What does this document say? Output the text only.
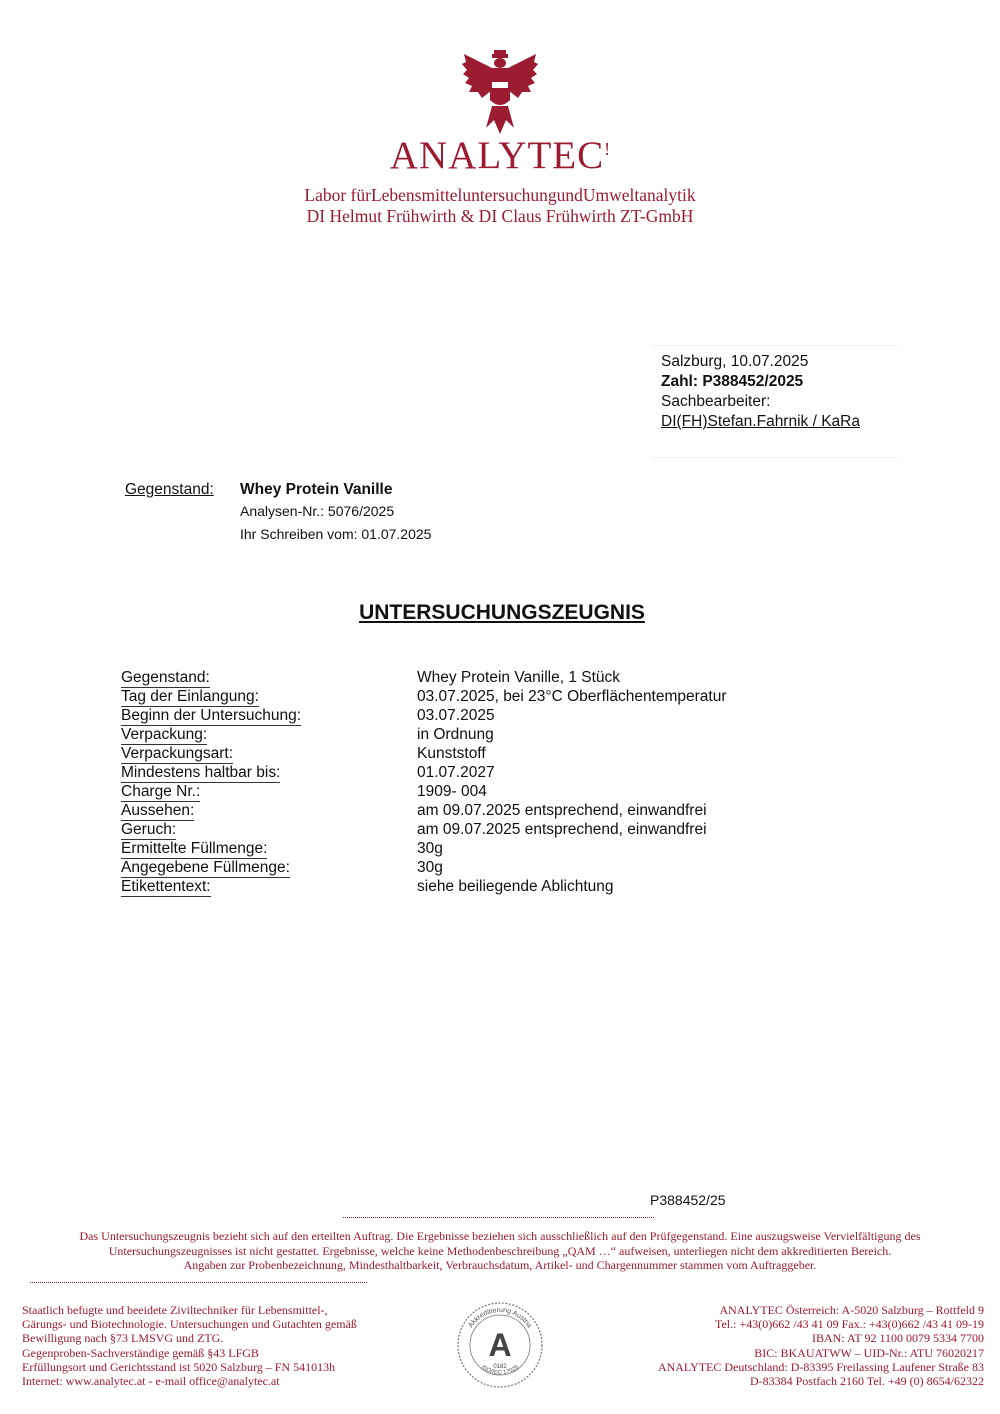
ANALYTEC!
Labor fürLebensmitteluntersuchungundUmweltanalytik
DI Helmut Frühwirth & DI Claus Frühwirth ZT-GmbH
Salzburg, 10.07.2025
Zahl: P388452/2025
Sachbearbeiter:
DI(FH)Stefan.Fahrnik / KaRa
Gegenstand: Whey Protein Vanille
Analysen-Nr.: 5076/2025
Ihr Schreiben vom: 01.07.2025
UNTERSUCHUNGSZEUGNIS
Gegenstand:	Whey Protein Vanille, 1 Stück
Tag der Einlangung:	03.07.2025, bei 23°C Oberflächentemperatur
Beginn der Untersuchung:	03.07.2025
Verpackung:	in Ordnung
Verpackungsart:	Kunststoff
Mindestens haltbar bis:	01.07.2027
Charge Nr.:	1909- 004
Aussehen:	am 09.07.2025 entsprechend, einwandfrei
Geruch:	am 09.07.2025 entsprechend, einwandfrei
Ermittelte Füllmenge:	30g
Angegebene Füllmenge:	30g
Etikettentext:	siehe beiliegende Ablichtung
P388452/25
Das Untersuchungszeugnis bezieht sich auf den erteilten Auftrag. Die Ergebnisse beziehen sich ausschließlich auf den Prüfgegenstand. Eine auszugsweise Vervielfältigung des
Untersuchungszeugnisses ist nicht gestattet. Ergebnisse, welche keine Methodenbeschreibung „QAM …“ aufweisen, unterliegen nicht dem akkreditierten Bereich.
Angaben zur Probenbezeichnung, Mindesthaltbarkeit, Verbrauchsdatum, Artikel- und Chargennummer stammen vom Auftraggeber.
Staatlich befugte und beeidete Ziviltechniker für Lebensmittel-,
Gärungs- und Biotechnologie. Untersuchungen und Gutachten gemäß
Bewilligung nach §73 LMSVG und ZTG.
Gegenproben-Sachverständige gemäß §43 LFGB
Erfüllungsort und Gerichtsstand ist 5020 Salzburg – FN 541013h
Internet: www.analytec.at - e-mail office@analytec.at
Akkreditierung Austria
A
0182
ISO/IEC 17025
ANALYTEC Österreich: A-5020 Salzburg – Rottfeld 9
Tel.: +43(0)662 /43 41 09 Fax.: +43(0)662 /43 41 09-19
IBAN: AT 92 1100 0079 5334 7700
BIC: BKAUATWW – UID-Nr.: ATU 76020217
ANALYTEC Deutschland: D-83395 Freilassing Laufener Straße 83
D-83384 Postfach 2160 Tel. +49 (0) 8654/62322
